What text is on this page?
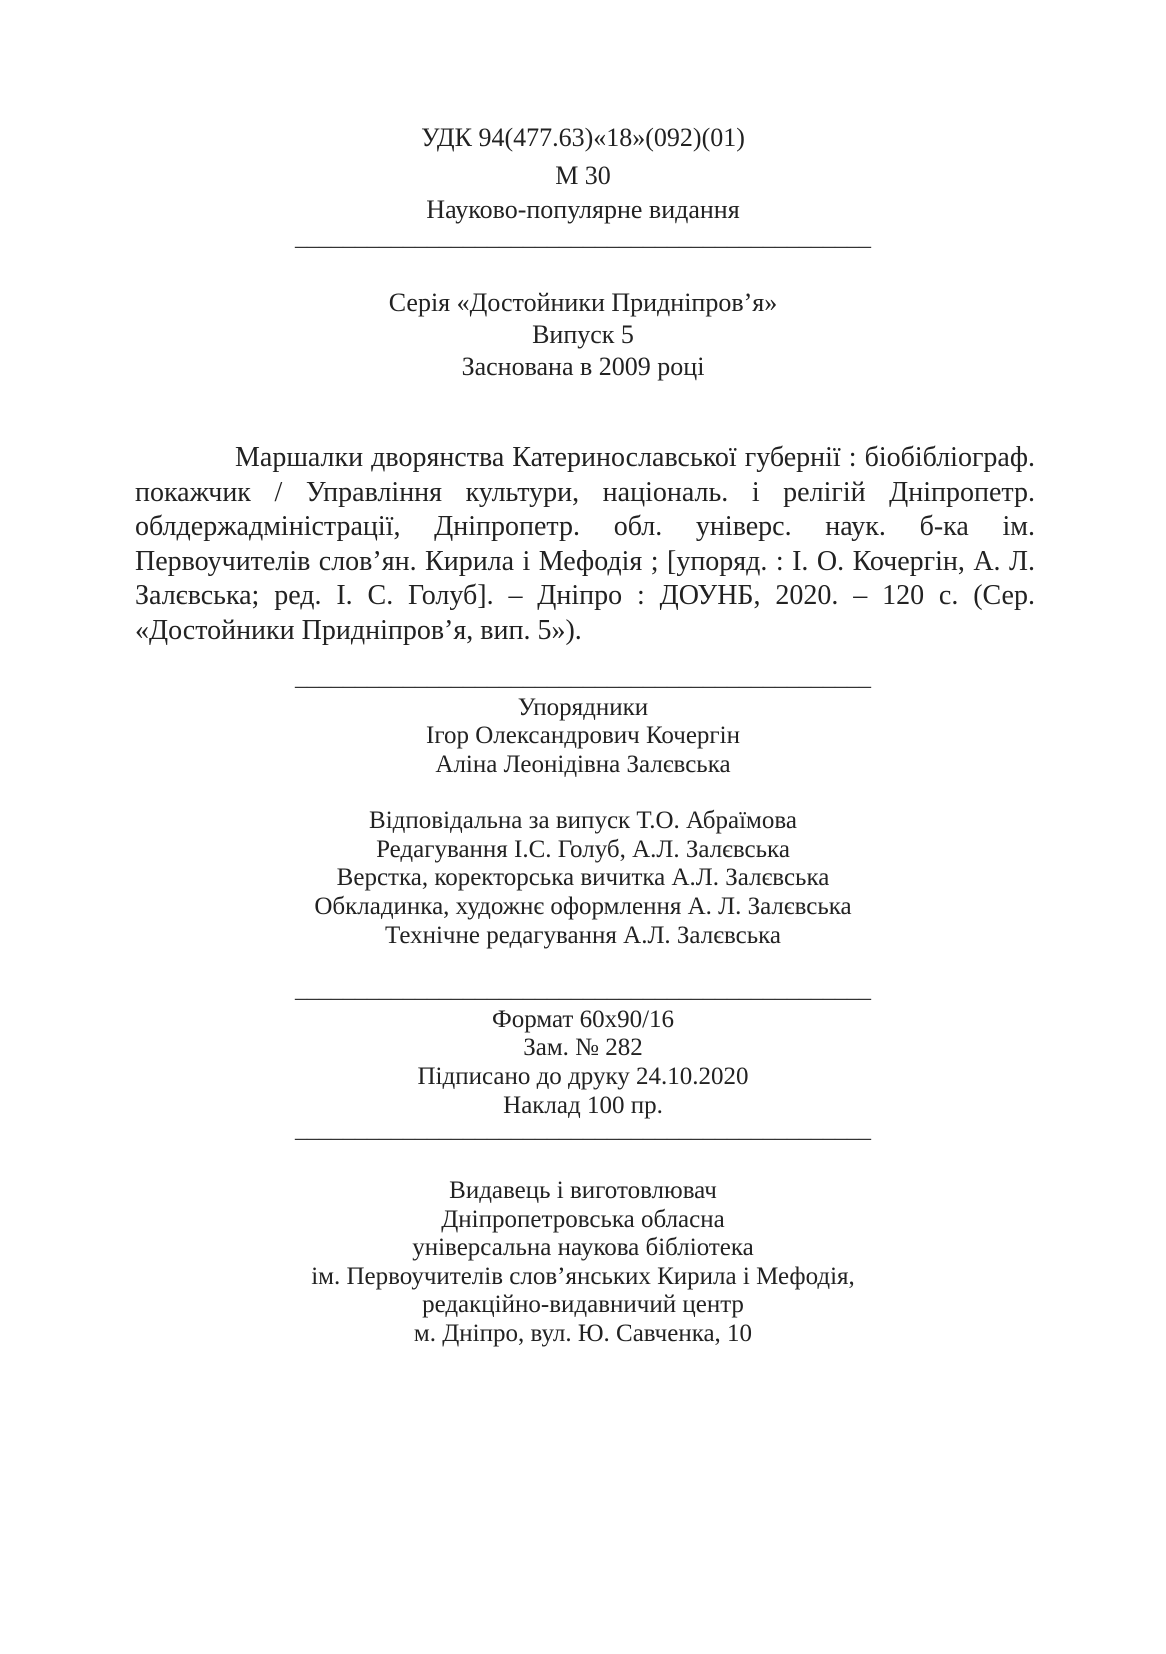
УДК 94(477.63)«18»(092)(01)
М 30
Науково-популярне видання
________________________________________________
Серія «Достойники Придніпров’я»
Випуск 5
Заснована в 2009 році
Маршалки дворянства Катеринославської губернії : біобібліограф. покажчик / Управління культури, національ. і релігій Дніпропетр. облдержадміністрації, Дніпропетр. обл. універс. наук. б-ка ім. Первоучителів слов’ян. Кирила і Мефодія ; [упоряд. : І. О. Кочергін, А. Л. Залєвська; ред. І. С. Голуб]. – Дніпро : ДОУНБ, 2020. – 120 с. (Сер. «Достойники Придніпров’я, вип. 5»).
________________________________________________
Упорядники
Ігор Олександрович Кочергін
Аліна Леонідівна Залєвська
Відповідальна за випуск Т.О. Абраїмова
Редагування І.С. Голуб, А.Л. Залєвська
Верстка, коректорська вичитка А.Л. Залєвська
Обкладинка, художнє оформлення А. Л. Залєвська
Технічне редагування А.Л. Залєвська
________________________________________________
Формат 60х90/16
Зам. № 282
Підписано до друку 24.10.2020
Наклад 100 пр.
________________________________________________
Видавець і виготовлювач
Дніпропетровська обласна
універсальна наукова бібліотека
ім. Первоучителів слов’янських Кирила і Мефодія,
редакційно-видавничий центр
м. Дніпро, вул. Ю. Савченка, 10
